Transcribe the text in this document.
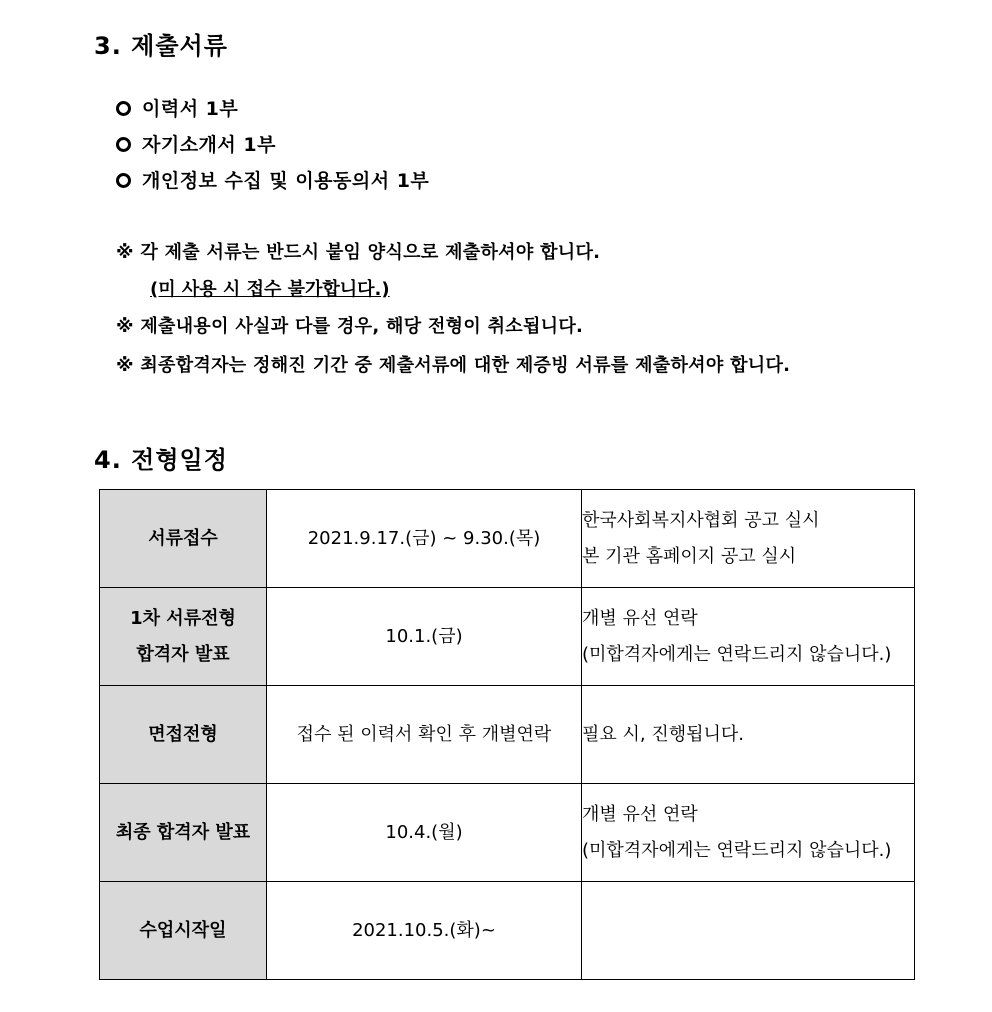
3. 제출서류
이력서 1부
자기소개서 1부
개인정보 수집 및 이용동의서 1부
※ 각 제출 서류는 반드시 붙임 양식으로 제출하셔야 합니다.
(미 사용 시 접수 불가합니다.)
※ 제출내용이 사실과 다를 경우, 해당 전형이 취소됩니다.
※ 최종합격자는 정해진 기간 중 제출서류에 대한 제증빙 서류를 제출하셔야 합니다.
4. 전형일정
서류접수	2021.9.17.(금) ~ 9.30.(목)	한국사회복지사협회 공고 실시
본 기관 홈페이지 공고 실시

1차 서류전형
합격자 발표	10.1.(금)	개별 유선 연락
(미합격자에게는 연락드리지 않습니다.)

면접전형	접수 된 이력서 확인 후 개별연락	필요 시, 진행됩니다.

최종 합격자 발표	10.4.(월)	개별 유선 연락
(미합격자에게는 연락드리지 않습니다.)

수업시작일	2021.10.5.(화)~	
